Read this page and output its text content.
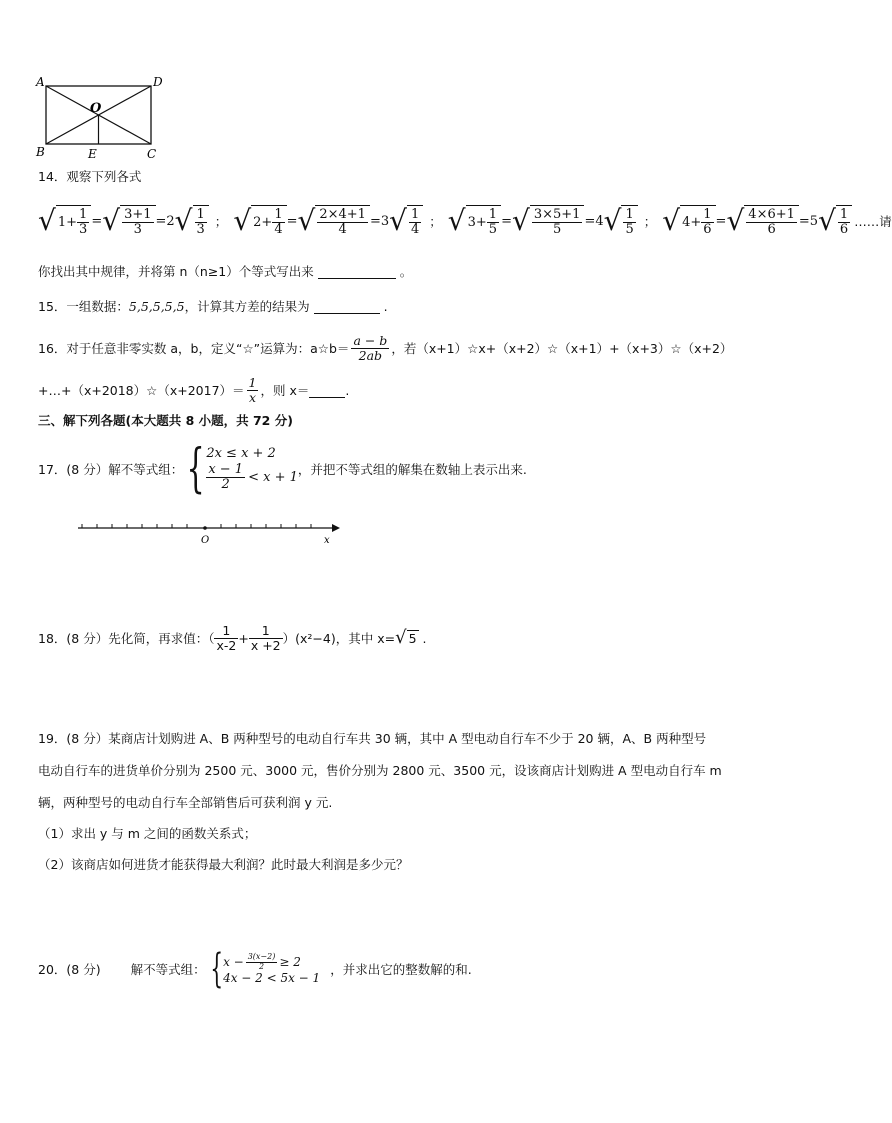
A	D
O
B	E	C
14．观察下列各式
√ $1 + \frac{1}{3}$ = √ $\frac{3+1}{3} =2$ √ $\frac{1}{3}$ ； √ $2+ \frac{1}{4}$ = √ $\frac{2\times 4+1}{4} =3$ √ $\frac{1}{4}$ ； √ $3+ \frac{1}{5}$ = √ $\frac{3\times 5+1}{5} =4$ √ $\frac{1}{5}$ ； √ $4+ \frac{1}{6}$ = √ $\frac{4\times 6+1}{6} =5$ √ $\frac{1}{6}$ ……请
你找出其中规律，并将第 n（n≥1）个等式写出来	。
15．一组数据：5,5,5,5,5，计算其方差的结果为	.
16．对于任意非零实数 a，b，定义“☆”运算为：a☆b＝ $\frac{a - b}{2ab}$ ，若（x+1）☆x+（x+2）☆（x+1）+（x+3）☆（x+2）
+…+（x+2018）☆（x+2017）＝ $\frac{1}{x}$ ，则 x＝	.
三、解下列各题(本大题共 8 小题，共 72 分)
17．(8 分）解不等式组： { 2x ≤ x + 2
$\frac{x - 1}{2} < x + 1$
，并把不等式组的解集在数轴上表示出来.
O	x
18．(8 分）先化简，再求值：（ $\frac{1}{x-2} + \frac{1}{x +2} )(x^2-4)$，其中 x= √ 5 .
19．(8 分）某商店计划购进 A、B 两种型号的电动自行车共 30 辆，其中 A 型电动自行车不少于 20 辆，A、B 两种型号
电动自行车的进货单价分别为 2500 元、3000 元，售价分别为 2800 元、3500 元，设该商店计划购进 A 型电动自行车 m
辆，两种型号的电动自行车全部销售后可获利润 y 元.
（1）求出 y 与 m 之间的函数关系式；
（2）该商店如何进货才能获得最大利润？此时最大利润是多少元？
20．(8 分) 解不等式组： { $x - \frac{3(x-2)}{2} \ge 2$
4x − 2 < 5x − 1
，并求出它的整数解的和.
